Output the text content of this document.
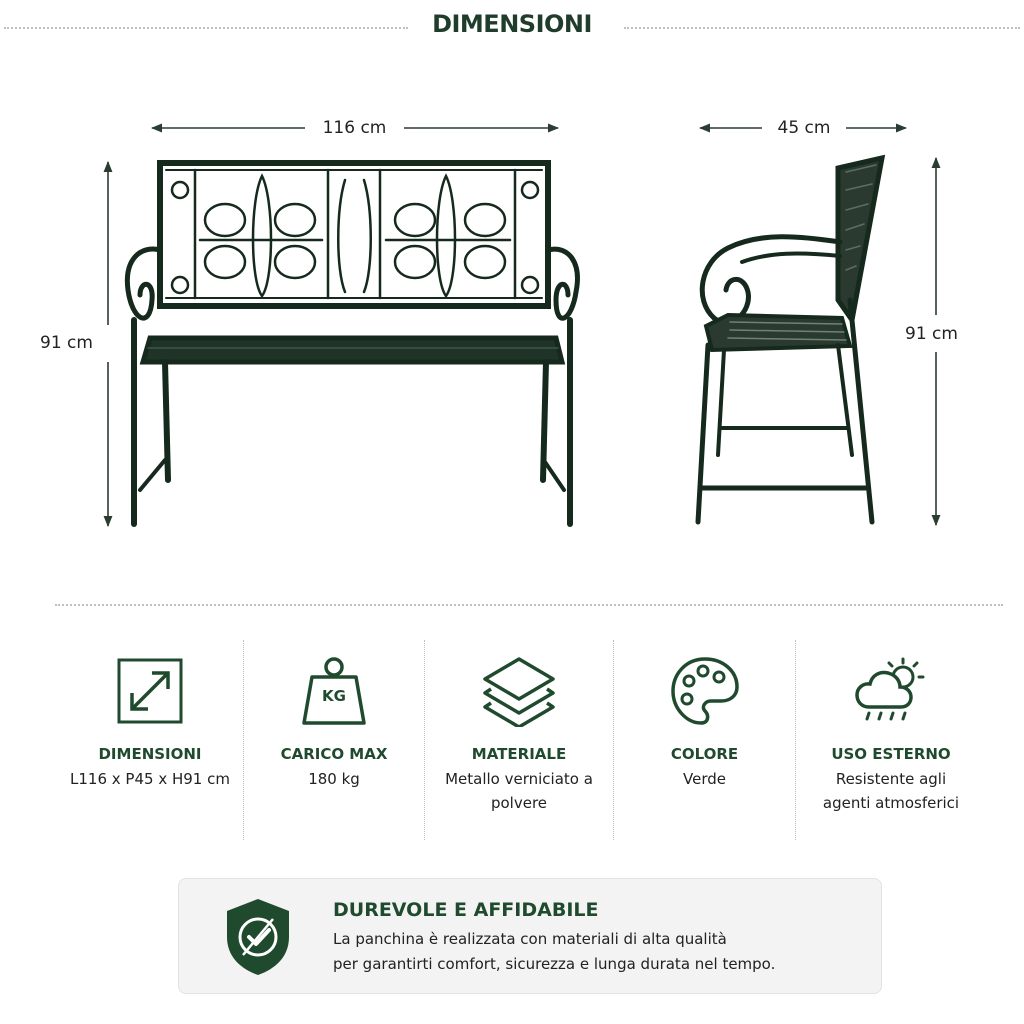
DIMENSIONI
116 cm
91 cm
45 cm
91 cm
DIMENSIONI
L116 x P45 x H91 cm
KG
CARICO MAX
180 kg
MATERIALE
Metallo verniciato a polvere
COLORE
Verde
USO ESTERNO
Resistente agli agenti atmosferici
DUREVOLE E AFFIDABILE
La panchina è realizzata con materiali di alta qualità
per garantirti comfort, sicurezza e lunga durata nel tempo.
